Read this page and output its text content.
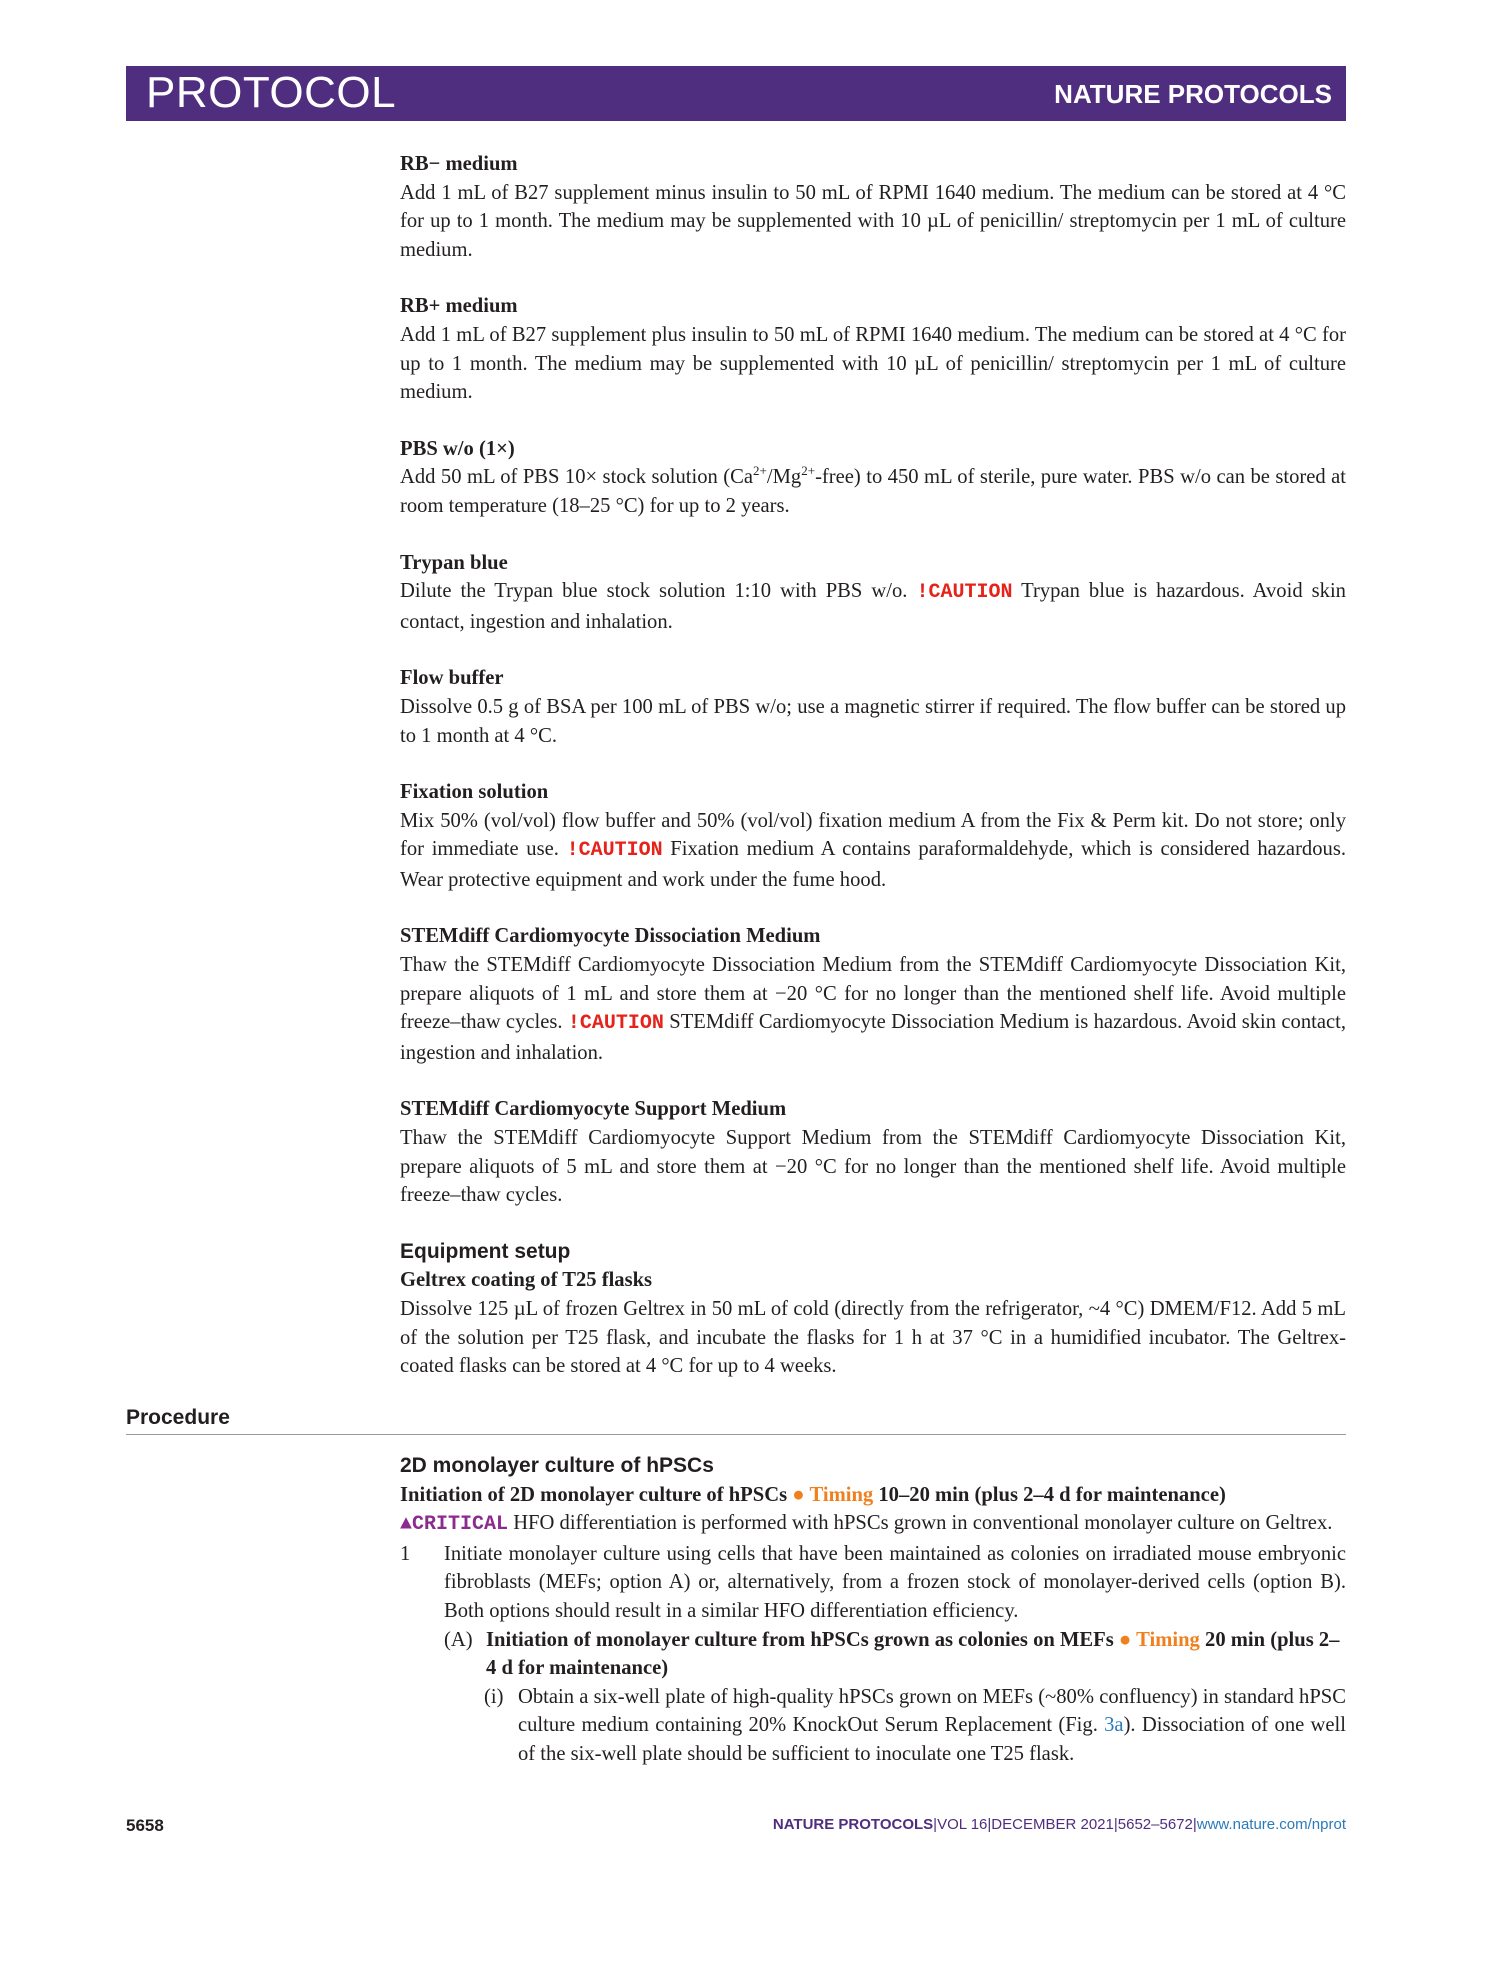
PROTOCOL	NATURE PROTOCOLS
RB− medium

Add 1 mL of B27 supplement minus insulin to 50 mL of RPMI 1640 medium. The medium can be stored at 4 °C for up to 1 month. The medium may be supplemented with 10 µL of penicillin/ streptomycin per 1 mL of culture medium.

RB+ medium

Add 1 mL of B27 supplement plus insulin to 50 mL of RPMI 1640 medium. The medium can be stored at 4 °C for up to 1 month. The medium may be supplemented with 10 µL of penicillin/ streptomycin per 1 mL of culture medium.

PBS w/o (1×)

Add 50 mL of PBS 10× stock solution $(Ca^{2+}/Mg^{2+}-free)$ to 450 mL of sterile, pure water. PBS w/o can be stored at room temperature (18–25 °C) for up to 2 years.

Trypan blue

Dilute the Trypan blue stock solution 1:10 with PBS w/o. !CAUTION Trypan blue is hazardous. Avoid skin contact, ingestion and inhalation.

Flow buffer

Dissolve 0.5 g of BSA per 100 mL of PBS w/o; use a magnetic stirrer if required. The flow buffer can be stored up to 1 month at 4 °C.

Fixation solution

Mix 50% (vol/vol) flow buffer and 50% (vol/vol) fixation medium A from the Fix & Perm kit. Do not store; only for immediate use. !CAUTION Fixation medium A contains paraformaldehyde, which is considered hazardous. Wear protective equipment and work under the fume hood.

STEMdiff Cardiomyocyte Dissociation Medium

Thaw the STEMdiff Cardiomyocyte Dissociation Medium from the STEMdiff Cardiomyocyte Dissociation Kit, prepare aliquots of 1 mL and store them at −20 °C for no longer than the mentioned shelf life. Avoid multiple freeze–thaw cycles. !CAUTION STEMdiff Cardiomyocyte Dissociation Medium is hazardous. Avoid skin contact, ingestion and inhalation.

STEMdiff Cardiomyocyte Support Medium

Thaw the STEMdiff Cardiomyocyte Support Medium from the STEMdiff Cardiomyocyte Dissociation Kit, prepare aliquots of 5 mL and store them at −20 °C for no longer than the mentioned shelf life. Avoid multiple freeze–thaw cycles.

Equipment setup
Geltrex coating of T25 flasks

Dissolve 125 µL of frozen Geltrex in 50 mL of cold (directly from the refrigerator, ~4 °C) DMEM/F12. Add 5 mL of the solution per T25 flask, and incubate the flasks for 1 h at 37 °C in a humidified incubator. The Geltrex-coated flasks can be stored at 4 °C for up to 4 weeks.

Procedure
2D monolayer culture of hPSCs
Initiation of 2D monolayer culture of hPSCs ● Timing 10–20 min (plus 2–4 d for maintenance)
▲CRITICAL HFO differentiation is performed with hPSCs grown in conventional monolayer culture on Geltrex.
1 Initiate monolayer culture using cells that have been maintained as colonies on irradiated mouse embryonic fibroblasts (MEFs; option A) or, alternatively, from a frozen stock of monolayer-derived cells (option B). Both options should result in a similar HFO differentiation efficiency.
(A) Initiation of monolayer culture from hPSCs grown as colonies on MEFs ● Timing 20 min (plus 2–4 d for maintenance)
(i) Obtain a six-well plate of high-quality hPSCs grown on MEFs (~80% confluency) in standard hPSC culture medium containing 20% KnockOut Serum Replacement (Fig. 3a). Dissociation of one well of the six-well plate should be sufficient to inoculate one T25 flask.
5658	NATURE PROTOCOLS|VOL 16|DECEMBER 2021|5652–5672|www.nature.com/nprot
